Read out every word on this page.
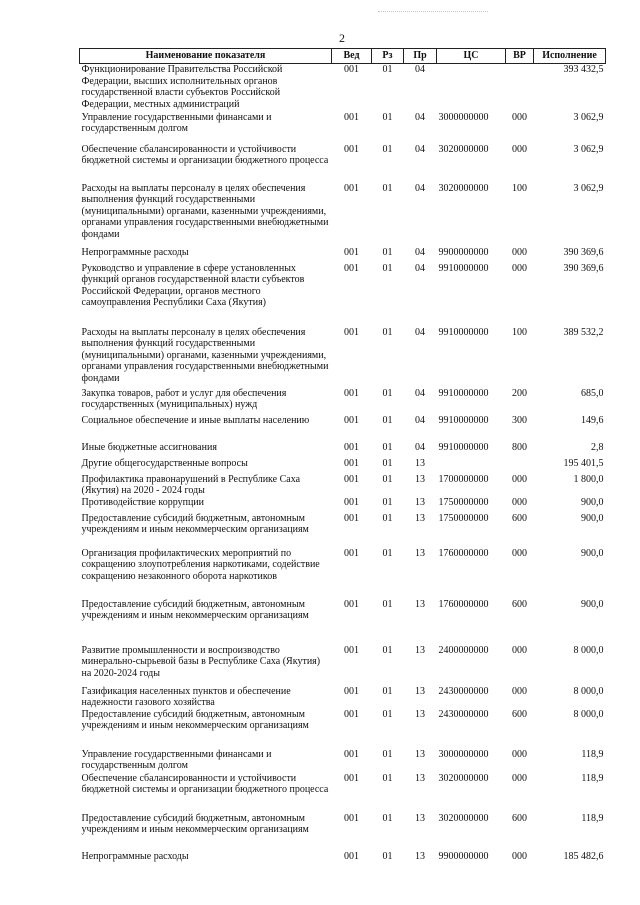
2
Наименование показателя	Вед	Рз	Пр	ЦС	ВР	Исполнение
Функционирование Правительства Российской Федерации, высших исполнительных органов государственной власти субъектов Российской Федерации, местных администраций	001	01	04			393 432,5
Управление государственными финансами и государственным долгом	001	01	04	3000000000	000	3 062,9
Обеспечение сбалансированности и устойчивости бюджетной системы и организации бюджетного процесса	001	01	04	3020000000	000	3 062,9
Расходы на выплаты персоналу в целях обеспечения выполнения функций государственными (муниципальными) органами, казенными учреждениями, органами управления государственными внебюджетными фондами	001	01	04	3020000000	100	3 062,9
Непрограммные расходы	001	01	04	9900000000	000	390 369,6
Руководство и управление в сфере установленных функций органов государственной власти субъектов Российской Федерации, органов местного самоуправления Республики Саха (Якутия)	001	01	04	9910000000	000	390 369,6
Расходы на выплаты персоналу в целях обеспечения выполнения функций государственными (муниципальными) органами, казенными учреждениями, органами управления государственными внебюджетными фондами	001	01	04	9910000000	100	389 532,2
Закупка товаров, работ и услуг для обеспечения государственных (муниципальных) нужд	001	01	04	9910000000	200	685,0
Социальное обеспечение и иные выплаты населению	001	01	04	9910000000	300	149,6
Иные бюджетные ассигнования	001	01	04	9910000000	800	2,8
Другие общегосударственные вопросы	001	01	13			195 401,5
Профилактика правонарушений в Республике Саха (Якутия) на 2020 - 2024 годы	001	01	13	1700000000	000	1 800,0
Противодействие коррупции	001	01	13	1750000000	000	900,0
Предоставление субсидий бюджетным, автономным учреждениям и иным некоммерческим организациям	001	01	13	1750000000	600	900,0
Организация профилактических мероприятий по сокращению злоупотребления наркотиками, содействие сокращению незаконного оборота наркотиков	001	01	13	1760000000	000	900,0
Предоставление субсидий бюджетным, автономным учреждениям и иным некоммерческим организациям	001	01	13	1760000000	600	900,0
Развитие промышленности и воспроизводство минерально-сырьевой базы в Республике Саха (Якутия) на 2020-2024 годы	001	01	13	2400000000	000	8 000,0
Газификация населенных пунктов и обеспечение надежности газового хозяйства	001	01	13	2430000000	000	8 000,0
Предоставление субсидий бюджетным, автономным учреждениям и иным некоммерческим организациям	001	01	13	2430000000	600	8 000,0
Управление государственными финансами и государственным долгом	001	01	13	3000000000	000	118,9
Обеспечение сбалансированности и устойчивости бюджетной системы и организации бюджетного процесса	001	01	13	3020000000	000	118,9
Предоставление субсидий бюджетным, автономным учреждениям и иным некоммерческим организациям	001	01	13	3020000000	600	118,9
Непрограммные расходы	001	01	13	9900000000	000	185 482,6
